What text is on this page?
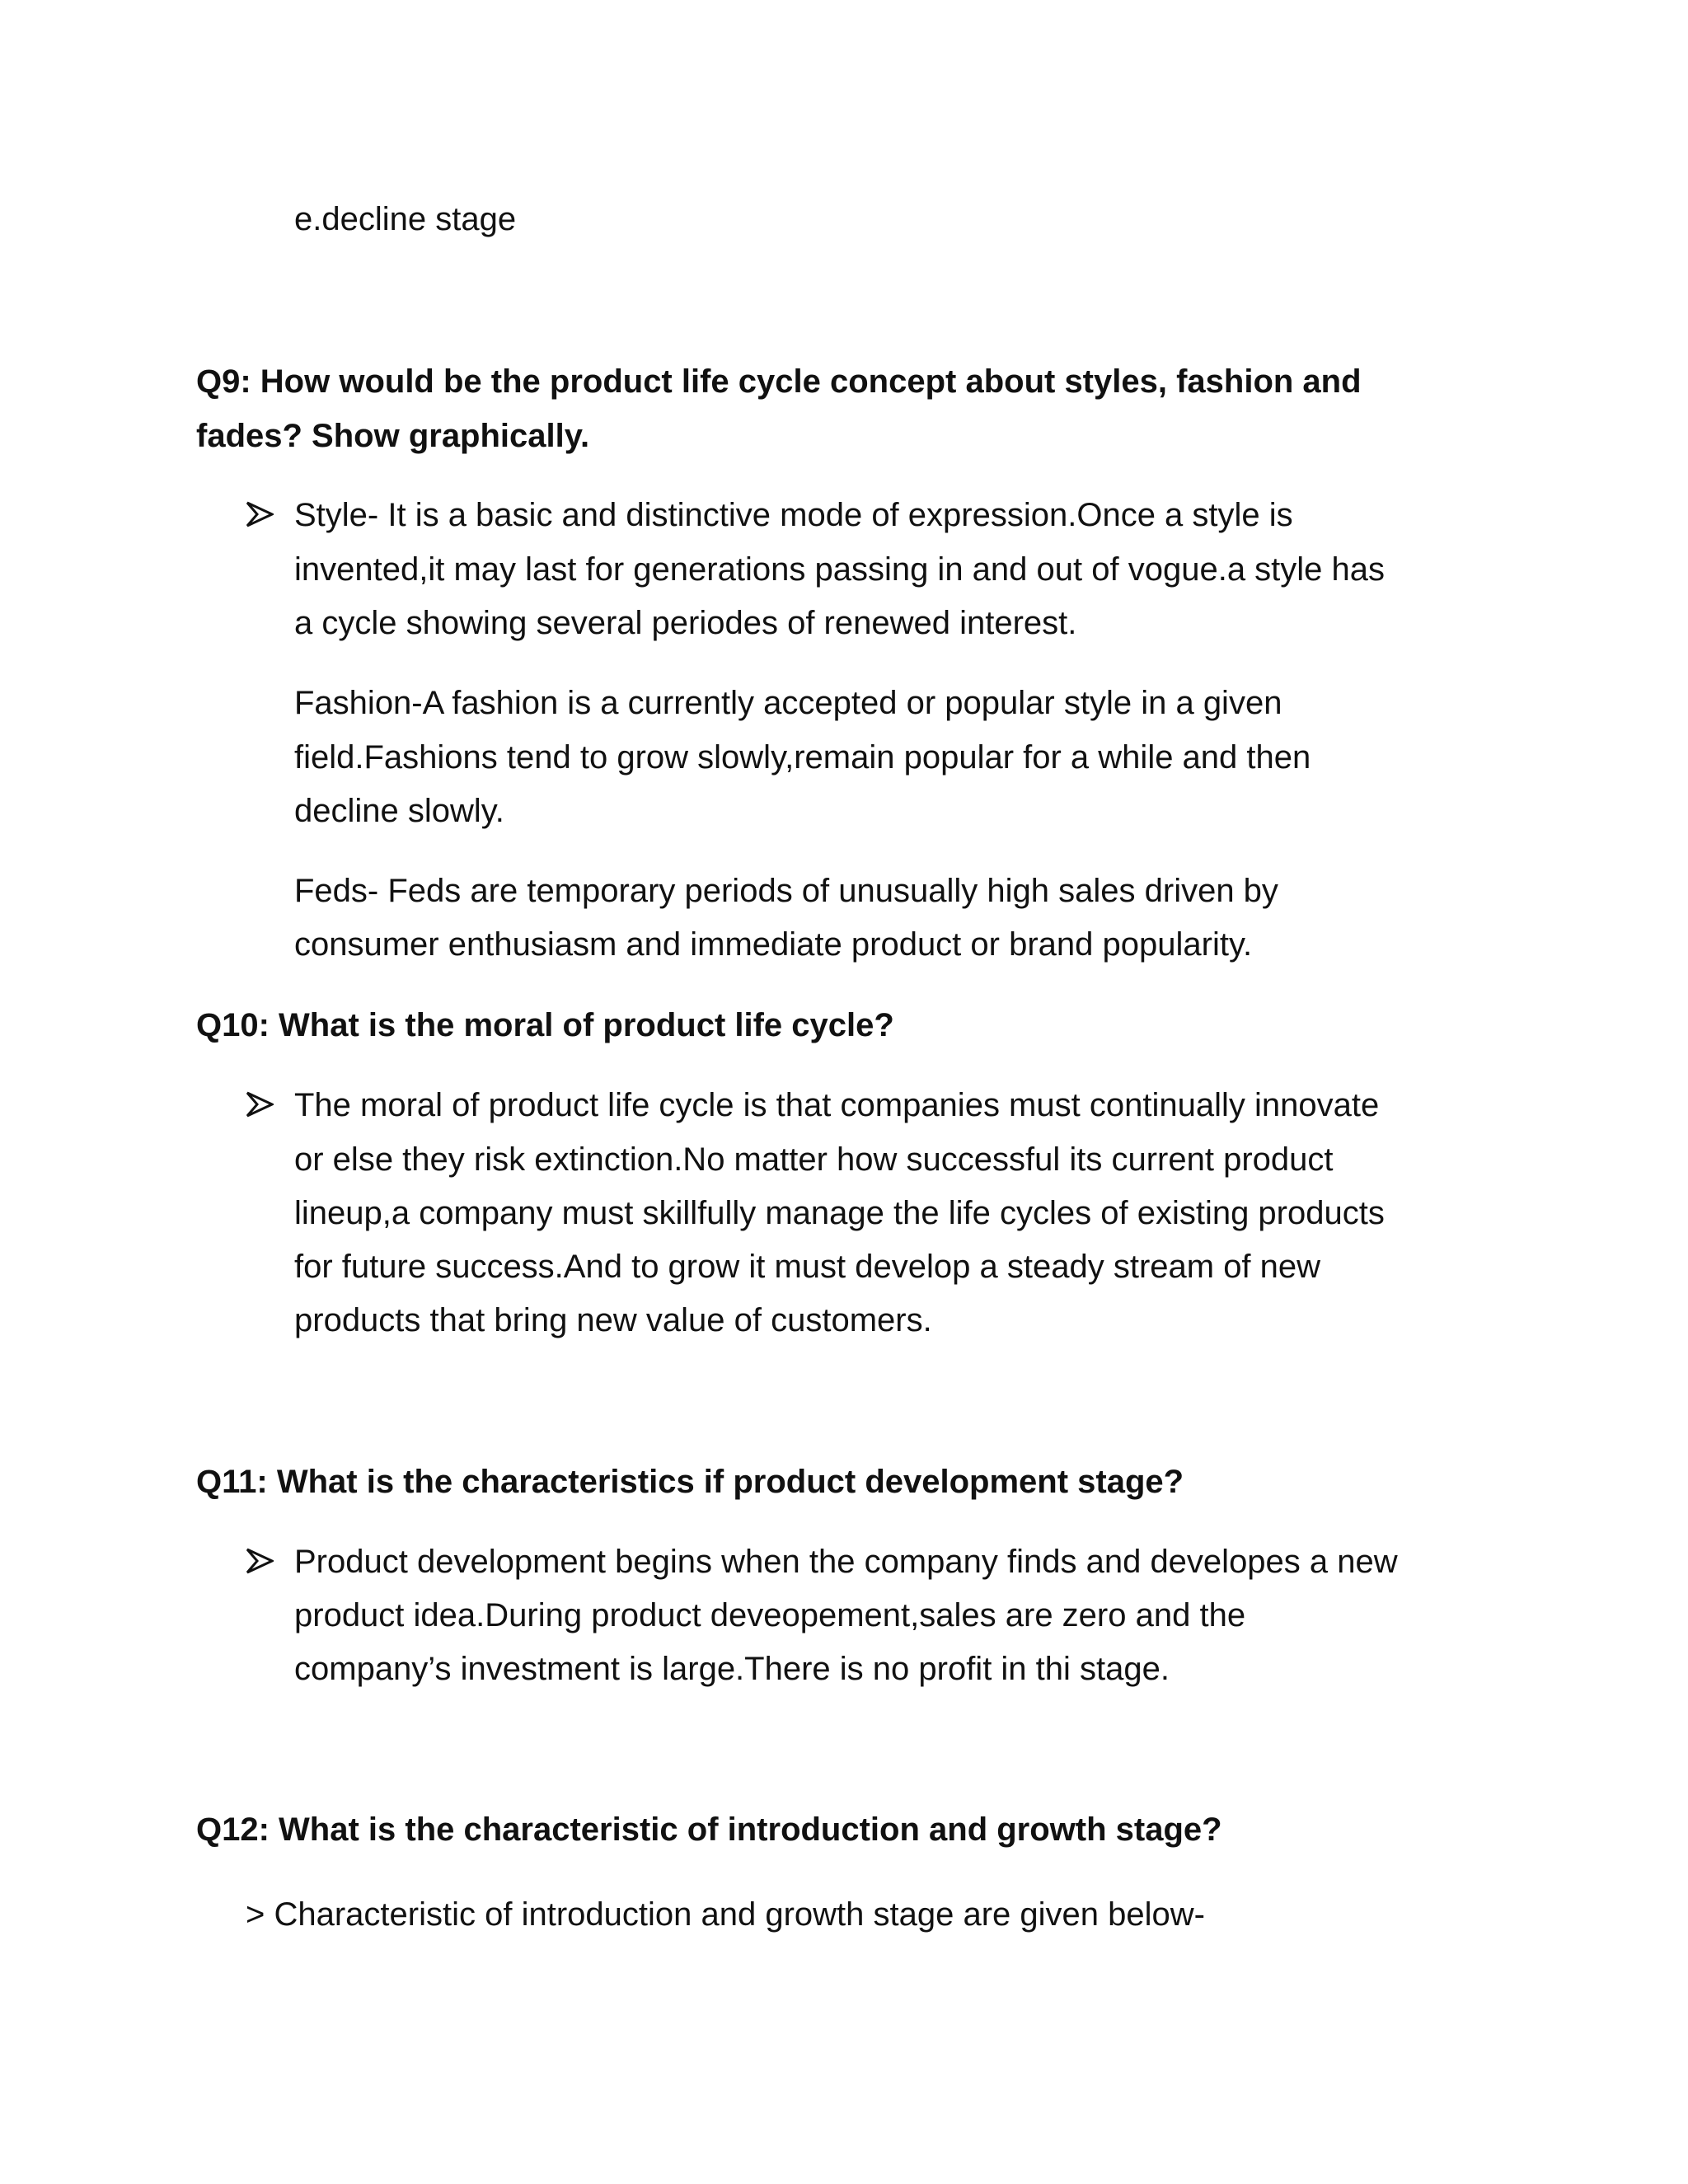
e.decline stage

Q9: How would be the product life cycle concept about styles, fashion and

fades? Show graphically.

Style- It is a basic and distinctive mode of expression.Once a style is

invented,it may last for generations passing in and out of vogue.a style has

a cycle showing several periodes of renewed interest.

Fashion-A fashion is a currently accepted or popular style in a given

field.Fashions tend to grow slowly,remain popular for a while and then

decline slowly.

Feds- Feds are temporary periods of unusually high sales driven by

consumer enthusiasm and immediate product or brand popularity.

Q10: What is the moral of product life cycle?

The moral of product life cycle is that companies must continually innovate

or else they risk extinction.No matter how successful its current product

lineup,a company must skillfully manage the life cycles of existing products

for future success.And to grow it must develop a steady stream of new

products that bring new value of customers.

Q11: What is the characteristics if product development stage?

Product development begins when the company finds and developes a new

product idea.During product deveopement,sales are zero and the

company’s investment is large.There is no profit in thi stage.

Q12: What is the characteristic of introduction and growth stage?

> Characteristic of introduction and growth stage are given below-
